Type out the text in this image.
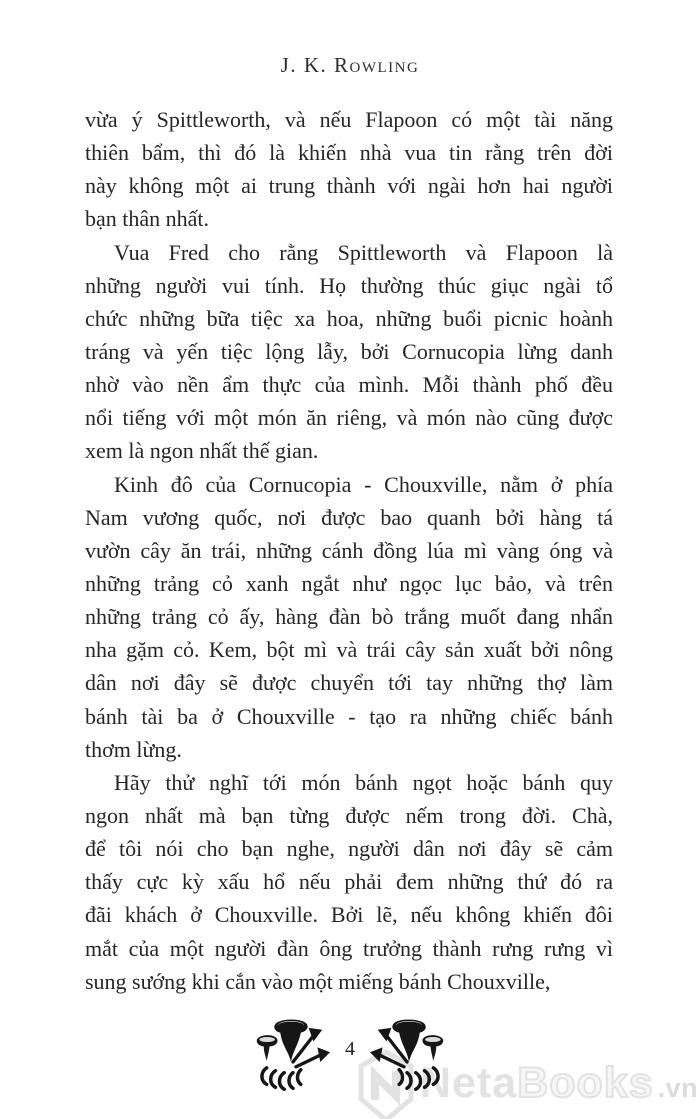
J. K. Rowling
vừa ý Spittleworth, và nếu Flapoon có một tài năng
thiên bẩm, thì đó là khiến nhà vua tin rằng trên đời
này không một ai trung thành với ngài hơn hai người
bạn thân nhất.
Vua Fred cho rằng Spittleworth và Flapoon là
những người vui tính. Họ thường thúc giục ngài tổ
chức những bữa tiệc xa hoa, những buổi picnic hoành
tráng và yến tiệc lộng lẫy, bởi Cornucopia lừng danh
nhờ vào nền ẩm thực của mình. Mỗi thành phố đều
nổi tiếng với một món ăn riêng, và món nào cũng được
xem là ngon nhất thế gian.
Kinh đô của Cornucopia - Chouxville, nằm ở phía
Nam vương quốc, nơi được bao quanh bởi hàng tá
vườn cây ăn trái, những cánh đồng lúa mì vàng óng và
những trảng cỏ xanh ngắt như ngọc lục bảo, và trên
những trảng cỏ ấy, hàng đàn bò trắng muốt đang nhẩn
nha gặm cỏ. Kem, bột mì và trái cây sản xuất bởi nông
dân nơi đây sẽ được chuyển tới tay những thợ làm
bánh tài ba ở Chouxville - tạo ra những chiếc bánh
thơm lừng.
Hãy thử nghĩ tới món bánh ngọt hoặc bánh quy
ngon nhất mà bạn từng được nếm trong đời. Chà,
để tôi nói cho bạn nghe, người dân nơi đây sẽ cảm
thấy cực kỳ xấu hổ nếu phải đem những thứ đó ra
đãi khách ở Chouxville. Bởi lẽ, nếu không khiến đôi
mắt của một người đàn ông trưởng thành rưng rưng vì
sung sướng khi cắn vào một miếng bánh Chouxville,
NetaBooks .vn
4
